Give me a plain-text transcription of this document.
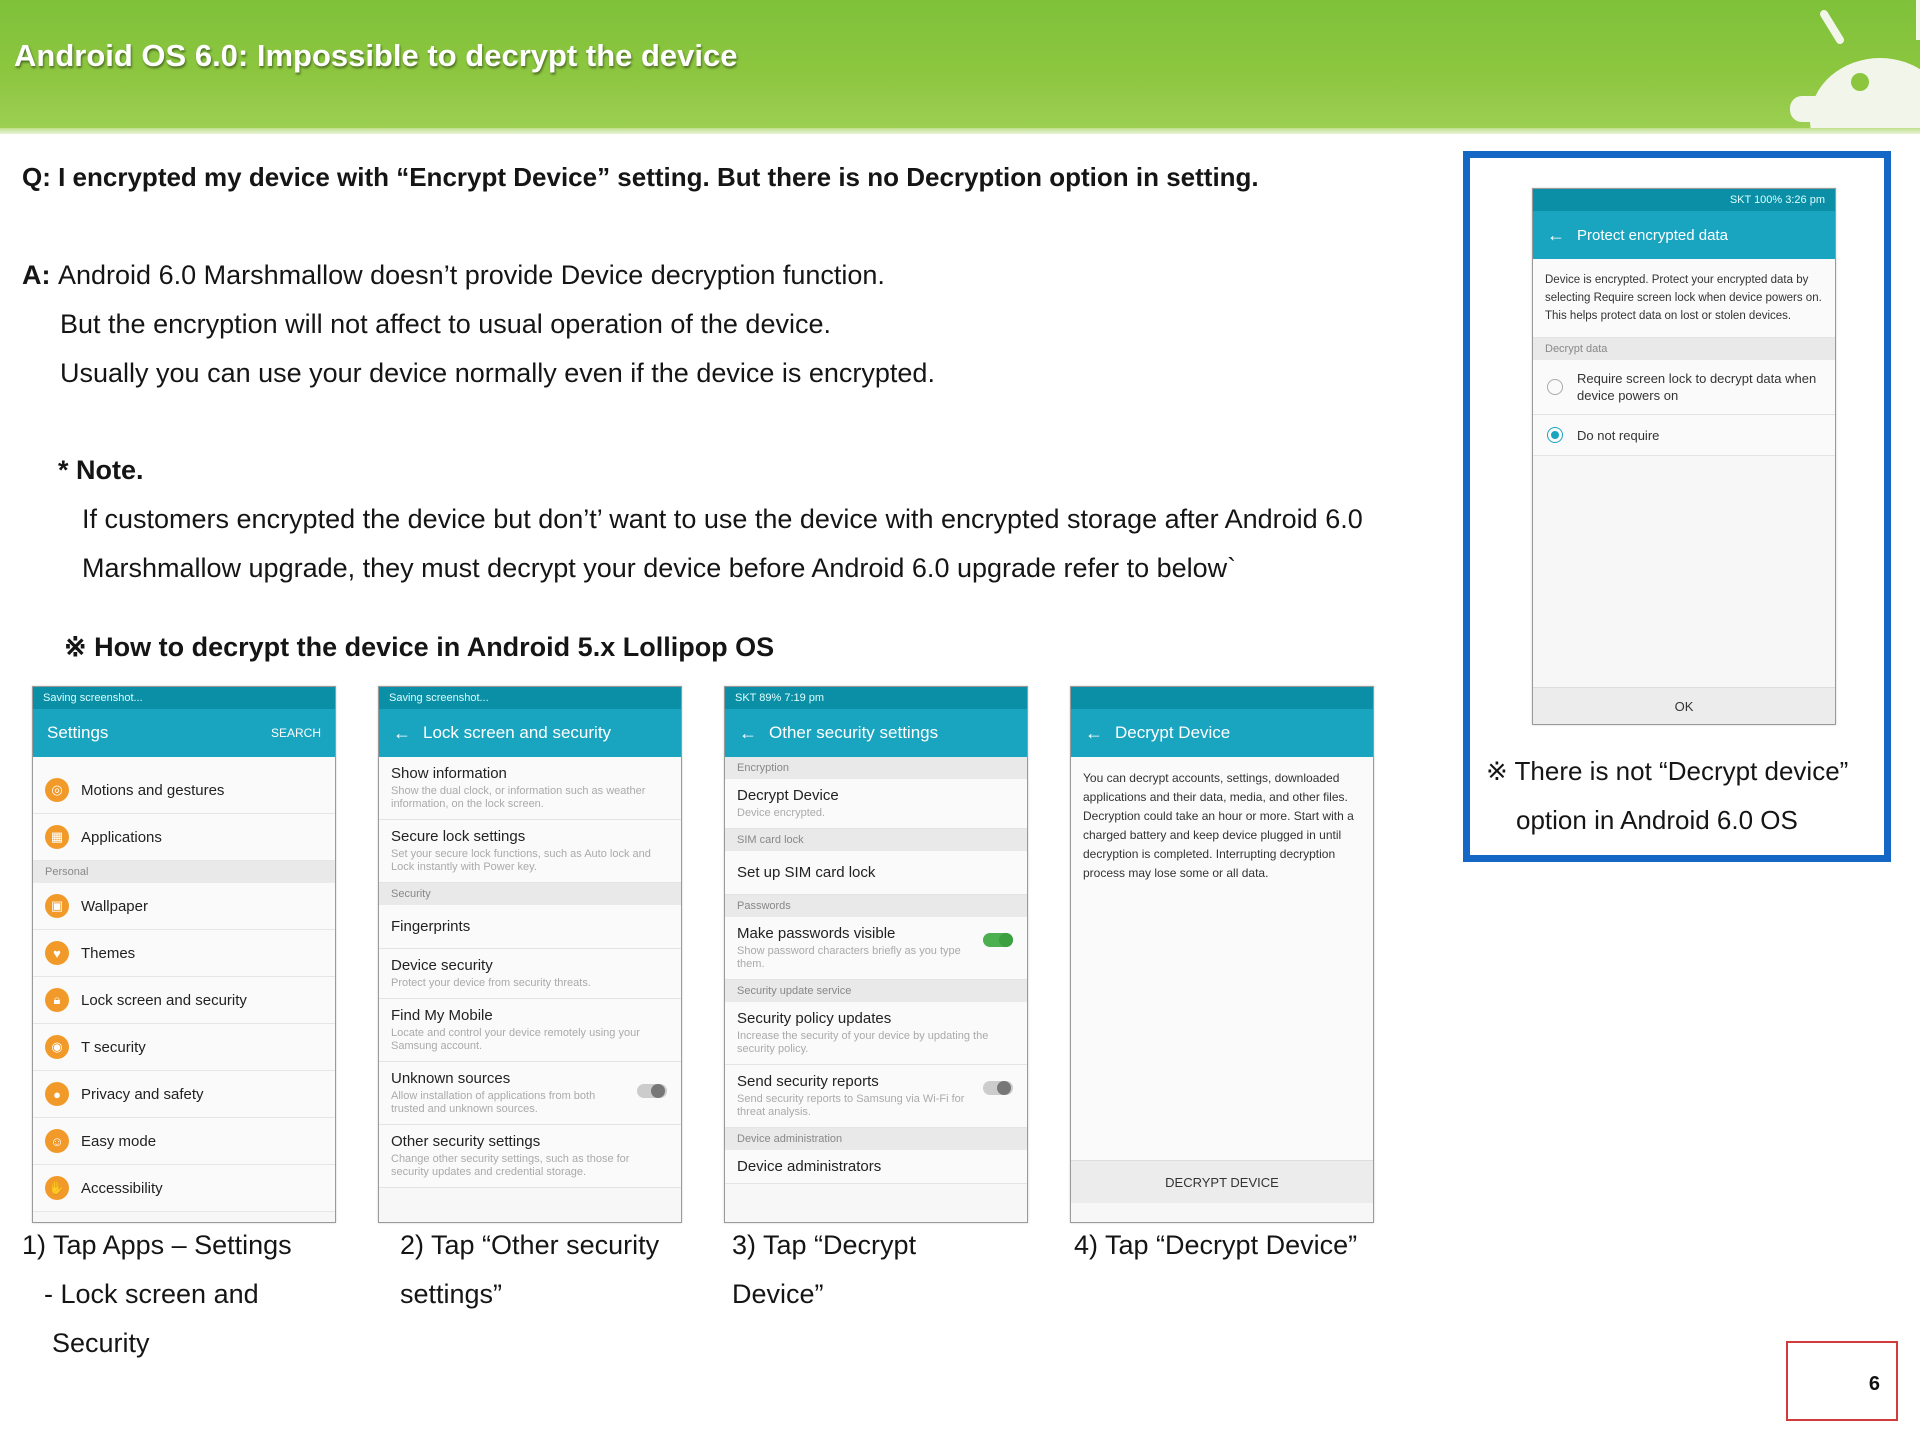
Android OS 6.0: Impossible to decrypt the device
Q: I encrypted my device with “Encrypt Device” setting. But there is no Decryption option in setting.
A: Android 6.0 Marshmallow doesn’t provide Device decryption function.
But the encryption will not affect to usual operation of the device.
Usually you can use your device normally even if the device is encrypted.
* Note.
If customers encrypted the device but don’t’ want to use the device with encrypted storage after Android 6.0
Marshmallow upgrade, they must decrypt your device before Android 6.0 upgrade refer to below`
※ How to decrypt the device in Android 5.x Lollipop OS
Saving screenshot...
Settings	SEARCH
◎	Motions and gestures
▦	Applications
Personal
▣	Wallpaper
♥	Themes
🔒︎	Lock screen and security
◉	T security
●	Privacy and safety
☺	Easy mode
✋ Accessibility
Saving screenshot...
← Lock screen and security
Show information
Show the dual clock, or information such as weather information, on the lock screen.
Secure lock settings
Set your secure lock functions, such as Auto lock and Lock instantly with Power key.
Security
Fingerprints
Device security
Protect your device from security threats.
Find My Mobile
Locate and control your device remotely using your Samsung account.
Unknown sources
Allow installation of applications from both trusted and unknown sources.
Other security settings
Change other security settings, such as those for security updates and credential storage.
SKT 89% 7:19 pm
← Other security settings
Encryption
Decrypt Device
Device encrypted.
SIM card lock
Set up SIM card lock
Passwords
Make passwords visible
Show password characters briefly as you type them.
Security update service
Security policy updates
Increase the security of your device by updating the security policy.
Send security reports
Send security reports to Samsung via Wi-Fi for threat analysis.
Device administration
Device administrators
← Decrypt Device
You can decrypt accounts, settings, downloaded applications and their data, media, and other files. Decryption could take an hour or more. Start with a charged battery and keep device plugged in until decryption is completed. Interrupting decryption process may lose some or all data.
DECRYPT DEVICE
1) Tap Apps – Settings
- Lock screen and
Security
2) Tap “Other security
settings”
3) Tap “Decrypt
Device”
4) Tap “Decrypt Device”
SKT 100% 3:26 pm
← Protect encrypted data
Device is encrypted. Protect your encrypted data by selecting Require screen lock when device powers on. This helps protect data on lost or stolen devices.
Decrypt data
Require screen lock to decrypt data when device powers on
Do not require
OK
※ There is not “Decrypt device”
option in Android 6.0 OS
6
